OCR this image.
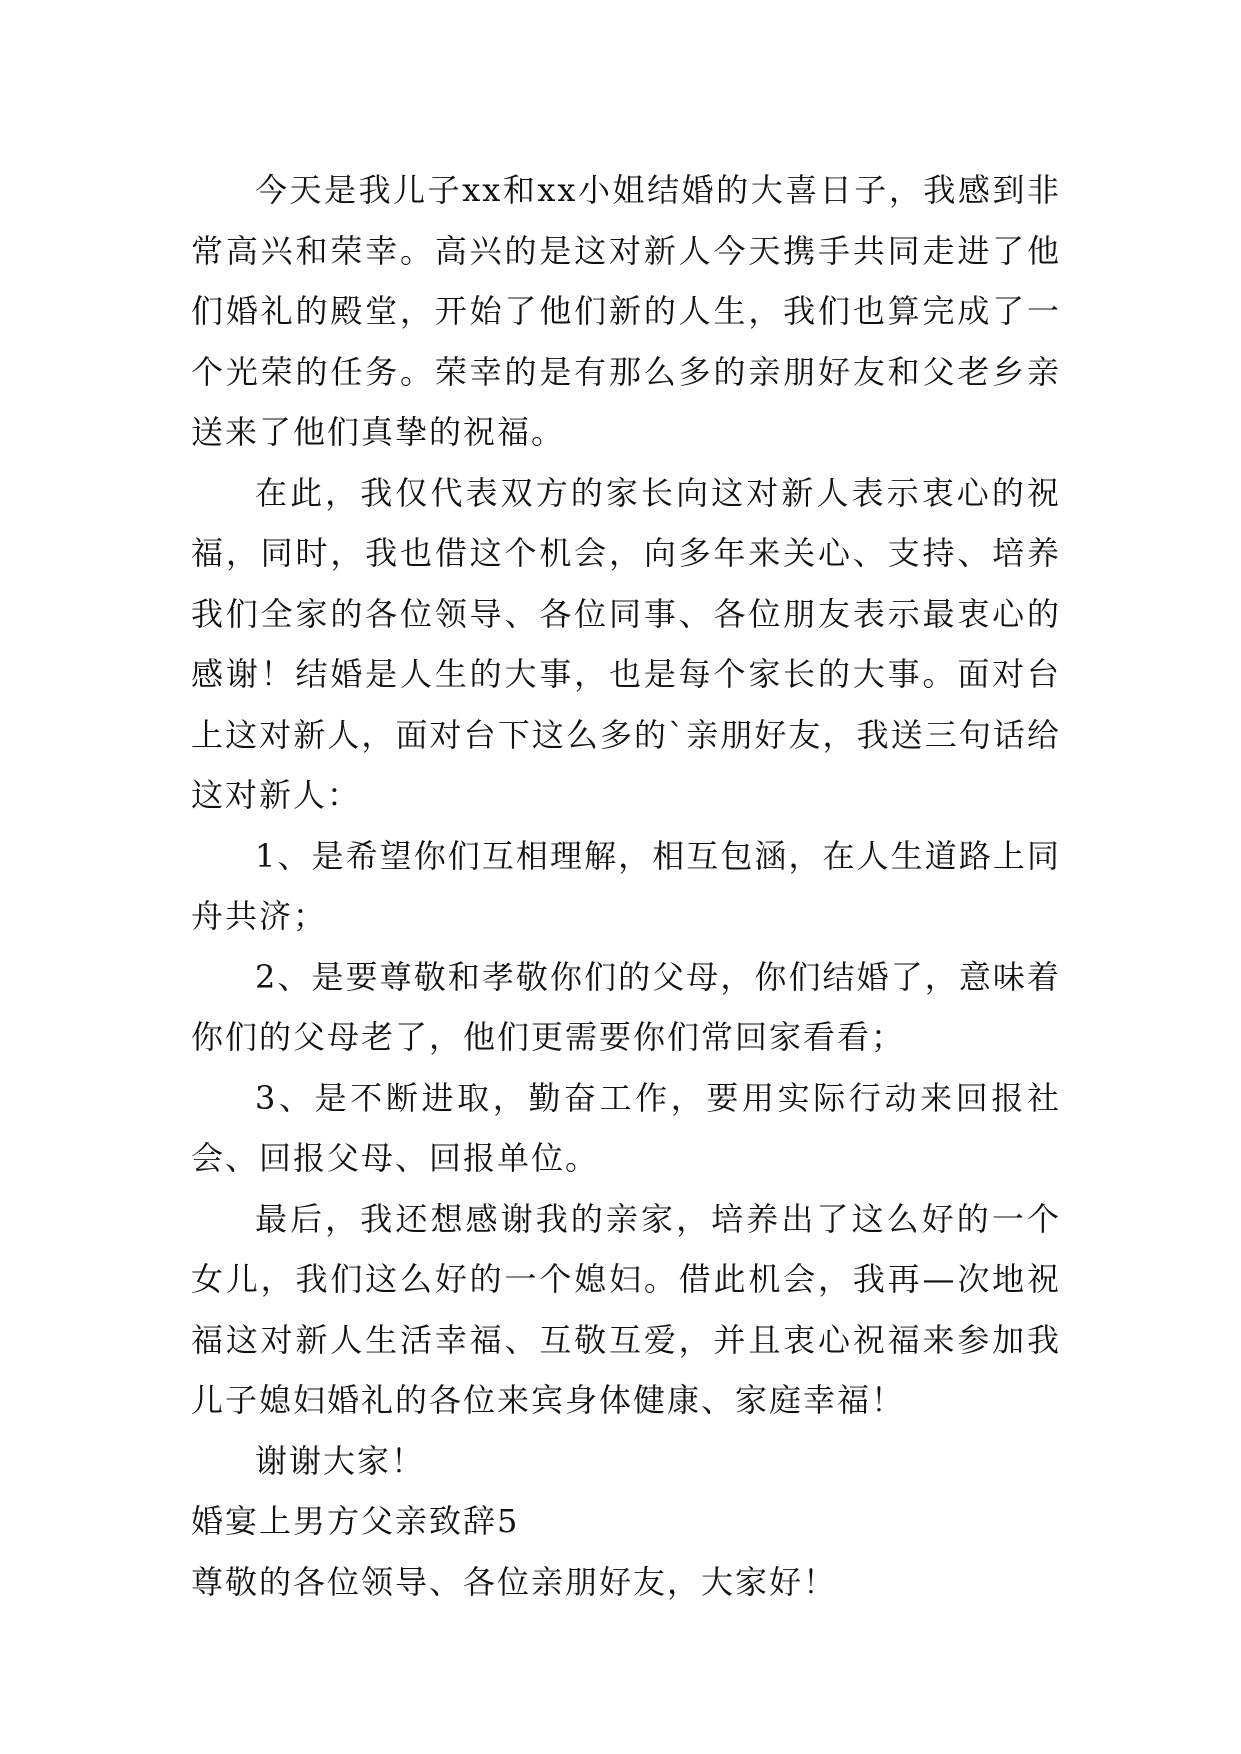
今天是我儿子xx和xx小姐结婚的大喜日子，我感到非常高兴和荣幸。高兴的是这对新人今天携手共同走进了他们婚礼的殿堂，开始了他们新的人生，我们也算完成了一个光荣的任务。荣幸的是有那么多的亲朋好友和父老乡亲送来了他们真挚的祝福。

在此，我仅代表双方的家长向这对新人表示衷心的祝福，同时，我也借这个机会，向多年来关心、支持、培养我们全家的各位领导、各位同事、各位朋友表示最衷心的感谢！结婚是人生的大事，也是每个家长的大事。面对台上这对新人，面对台下这么多的`亲朋好友，我送三句话给这对新人：

1、是希望你们互相理解，相互包涵，在人生道路上同舟共济；

2、是要尊敬和孝敬你们的父母，你们结婚了，意味着你们的父母老了，他们更需要你们常回家看看；

3、是不断进取，勤奋工作，要用实际行动来回报社会、回报父母、回报单位。

最后，我还想感谢我的亲家，培养出了这么好的一个女儿，我们这么好的一个媳妇。借此机会，我再—次地祝福这对新人生活幸福、互敬互爱，并且衷心祝福来参加我儿子媳妇婚礼的各位来宾身体健康、家庭幸福！

谢谢大家！

婚宴上男方父亲致辞5

尊敬的各位领导、各位亲朋好友，大家好！
